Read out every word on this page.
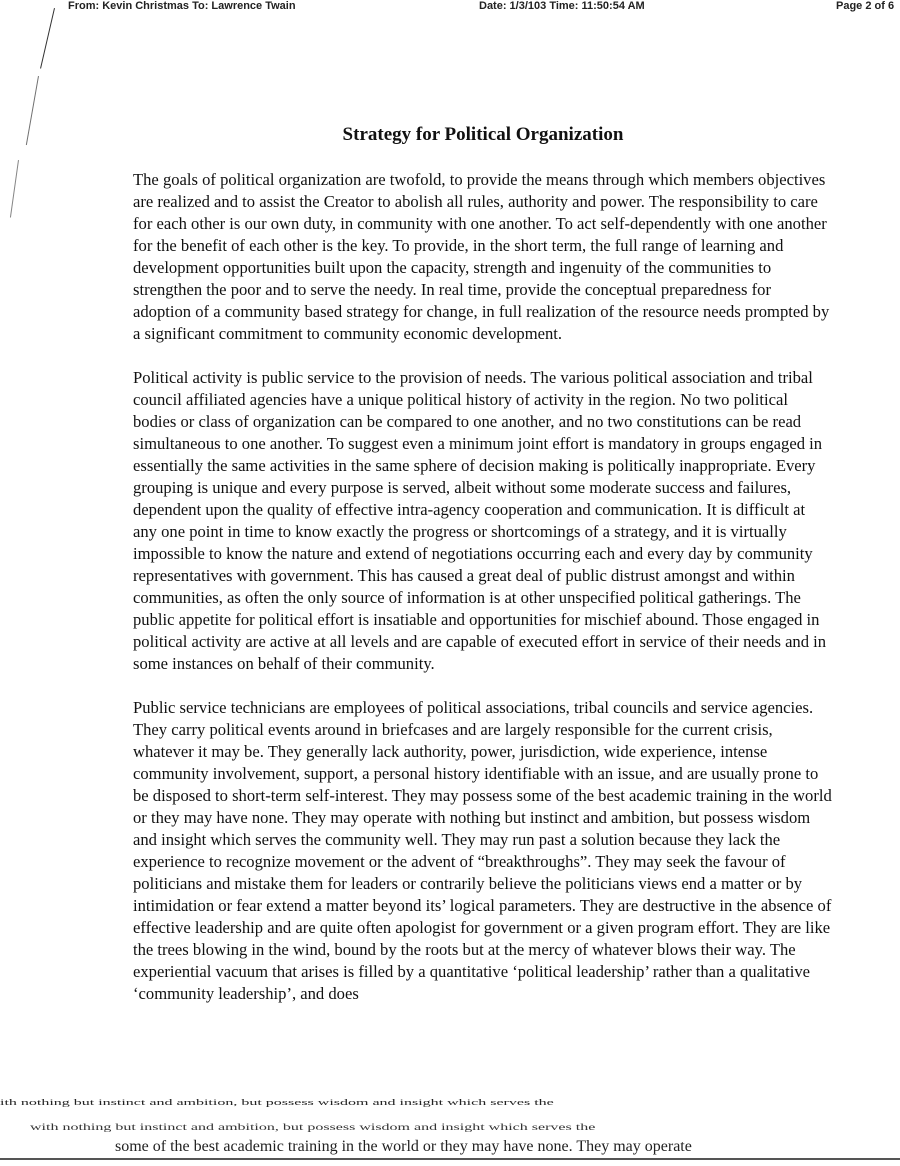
From: Kevin Christmas To: Lawrence Twain	Date: 1/3/103 Time: 11:50:54 AM	Page 2 of 6
Strategy for Political Organization

The goals of political organization are twofold, to provide the means through which members objectives are realized and to assist the Creator to abolish all rules, authority and power. The responsibility to care for each other is our own duty, in community with one another. To act self-dependently with one another for the benefit of each other is the key. To provide, in the short term, the full range of learning and development opportunities built upon the capacity, strength and ingenuity of the communities to strengthen the poor and to serve the needy. In real time, provide the conceptual preparedness for adoption of a community based strategy for change, in full realization of the resource needs prompted by a significant commitment to community economic development.

Political activity is public service to the provision of needs. The various political association and tribal council affiliated agencies have a unique political history of activity in the region. No two political bodies or class of organization can be compared to one another, and no two constitutions can be read simultaneous to one another. To suggest even a minimum joint effort is mandatory in groups engaged in essentially the same activities in the same sphere of decision making is politically inappropriate. Every grouping is unique and every purpose is served, albeit without some moderate success and failures, dependent upon the quality of effective intra-agency cooperation and communication. It is difficult at any one point in time to know exactly the progress or shortcomings of a strategy, and it is virtually impossible to know the nature and extend of negotiations occurring each and every day by community representatives with government. This has caused a great deal of public distrust amongst and within communities, as often the only source of information is at other unspecified political gatherings. The public appetite for political effort is insatiable and opportunities for mischief abound. Those engaged in political activity are active at all levels and are capable of executed effort in service of their needs and in some instances on behalf of their community.

Public service technicians are employees of political associations, tribal councils and service agencies. They carry political events around in briefcases and are largely responsible for the current crisis, whatever it may be. They generally lack authority, power, jurisdiction, wide experience, intense community involvement, support, a personal history identifiable with an issue, and are usually prone to be disposed to short-term self-interest. They may possess some of the best academic training in the world or they may have none. They may operate with nothing but instinct and ambition, but possess wisdom and insight which serves the community well. They may run past a solution because they lack the experience to recognize movement or the advent of “breakthroughs”. They may seek the favour of politicians and mistake them for leaders or contrarily believe the politicians views end a matter or by intimidation or fear extend a matter beyond its’ logical parameters. They are destructive in the absence of effective leadership and are quite often apologist for government or a given program effort. They are like the trees blowing in the wind, bound by the roots but at the mercy of whatever blows their way. The experiential vacuum that arises is filled by a quantitative ‘political leadership’ rather than a qualitative ‘community leadership’, and does

ith nothing but instinct and ambition, but possess wisdom and insight which serves the
with nothing but instinct and ambition, but possess wisdom and insight which serves the
some of the best academic training in the world or they may have none. They may operate
